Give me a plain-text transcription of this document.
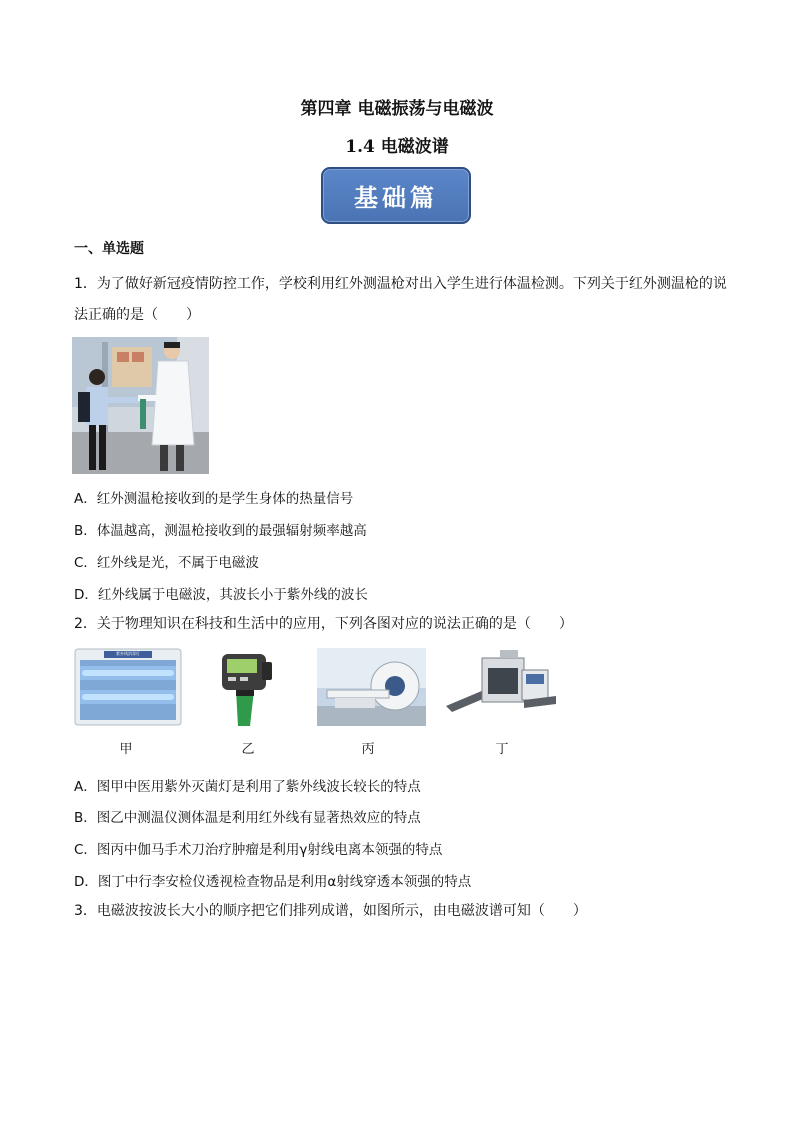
第四章 电磁振荡与电磁波
1.4 电磁波谱
基础篇
一、单选题
1．为了做好新冠疫情防控工作，学校利用红外测温枪对出入学生进行体温检测。下列关于红外测温枪的说
法正确的是（　　）
A．红外测温枪接收到的是学生身体的热量信号
B．体温越高，测温枪接收到的最强辐射频率越高
C．红外线是光，不属于电磁波
D．红外线属于电磁波，其波长小于紫外线的波长
2．关于物理知识在科技和生活中的应用，下列各图对应的说法正确的是（　　）
紫外线消毒灯
甲	乙	丙	丁
A．图甲中医用紫外灭菌灯是利用了紫外线波长较长的特点
B．图乙中测温仪测体温是利用红外线有显著热效应的特点
C．图丙中伽马手术刀治疗肿瘤是利用γ射线电离本领强的特点
D．图丁中行李安检仪透视检查物品是利用α射线穿透本领强的特点
3．电磁波按波长大小的顺序把它们排列成谱，如图所示，由电磁波谱可知（　　）
